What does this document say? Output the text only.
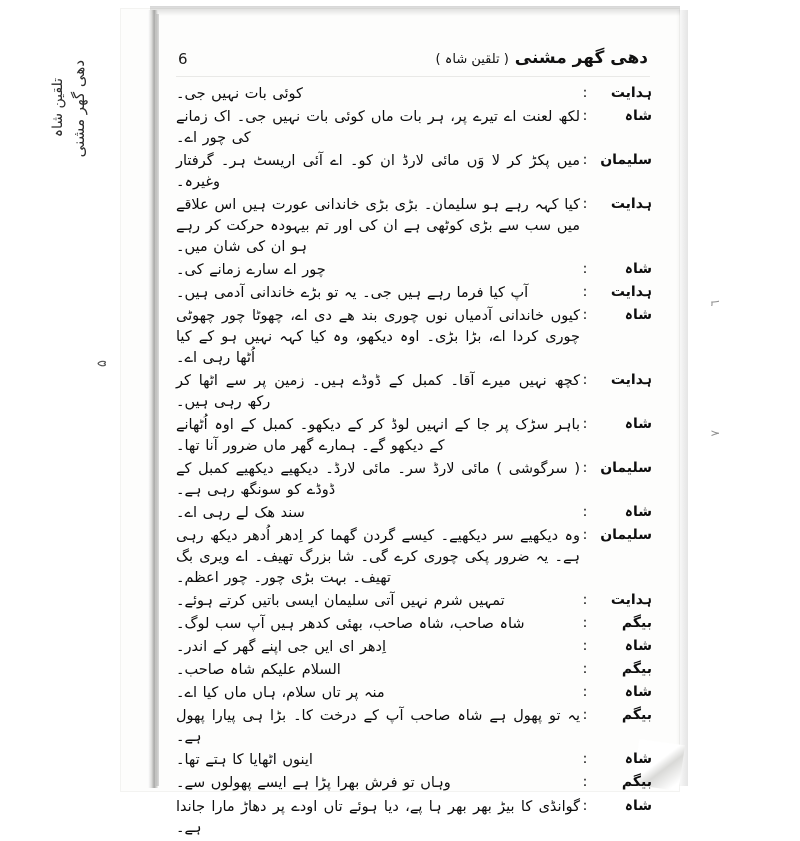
دھی گھر مشنی
تلقین شاہ
۵
٦
٧
6	دھی گھر مشنی ( تلقین شاہ )
ہدایت
:
کوئی بات نہیں جی۔
شاہ
:
لکھ لعنت اے تیرے پر، ہر بات ماں کوئی بات نہیں جی۔ اک زمانے کی چور اے۔
سلیمان
:
میں پکڑ کر لا وَں مائی لارڈ ان کو۔ اے آئی اریسٹ ہر۔ گرفتار وغیرہ۔
ہدایت
:
کیا کہہ رہے ہو سلیمان۔ بڑی بڑی خاندانی عورت ہیں اس علاقے میں سب سے بڑی کوٹھی ہے ان کی اور تم بیہودہ حرکت کر رہے ہو ان کی شان میں۔
شاہ
:
چور اے سارے زمانے کی۔
ہدایت
:
آپ کیا فرما رہے ہیں جی۔ یہ تو بڑے خاندانی آدمی ہیں۔
شاہ
:
کیوں خاندانی آدمیاں نوں چوری بند ھے دی اے، چھوٹا چور چھوٹی چوری کردا اے، بڑا بڑی۔ اوہ دیکھو، وہ کیا کہہ نہیں ہو کے کیا اُٹھا رہی اے۔
ہدایت
:
کچھ نہیں میرے آقا۔ کمبل کے ڈوڈے ہیں۔ زمین پر سے اٹھا کر رکھ رہی ہیں۔
شاہ
:
باہر سڑک پر جا کے انہیں لوڈ کر کے دیکھو۔ کمبل کے اوہ اُٹھانے کے دیکھو گے۔ ہمارے گھر ماں ضرور آنا تھا۔
سلیمان
:
( سرگوشی ) مائی لارڈ سر۔ مائی لارڈ۔ دیکھیے دیکھیے کمبل کے ڈوڈے کو سونگھ رہی ہے۔
شاہ
:
سند ھک لے رہی اے۔
سلیمان
:
وہ دیکھیے سر دیکھیے۔ کیسے گردن گھما کر اِدھر اُدھر دیکھ رہی ہے۔ یہ ضرور پکی چوری کرے گی۔ شا بزرگ تھیف۔ اے ویری بگ تھیف۔ بہت بڑی چور۔ چور اعظم۔
ہدایت
:
تمہیں شرم نہیں آتی سلیمان ایسی باتیں کرتے ہوئے۔
بیگم
:
شاہ صاحب، شاہ صاحب، بھئی کدھر ہیں آپ سب لوگ۔
شاہ
:
اِدھر ای ایں جی اپنے گھر کے اندر۔
بیگم
:
السلام علیکم شاہ صاحب۔
شاہ
:
منہ پر تاں سلام، ہاں ماں کیا اے۔
بیگم
:
یہ تو پھول ہے شاہ صاحب آپ کے درخت کا۔ بڑا ہی پیارا پھول ہے۔
شاہ
:
اینوں اٹھایا کا ہتے تھا۔
بیگم
:
وہاں تو فرش بھرا پڑا ہے ایسے پھولوں سے۔
شاہ
:
گوانڈی کا بیڑ بھر بھر ہا پے، دیا ہوئے تاں اودے پر دھاڑ مارا جاندا ہے۔
